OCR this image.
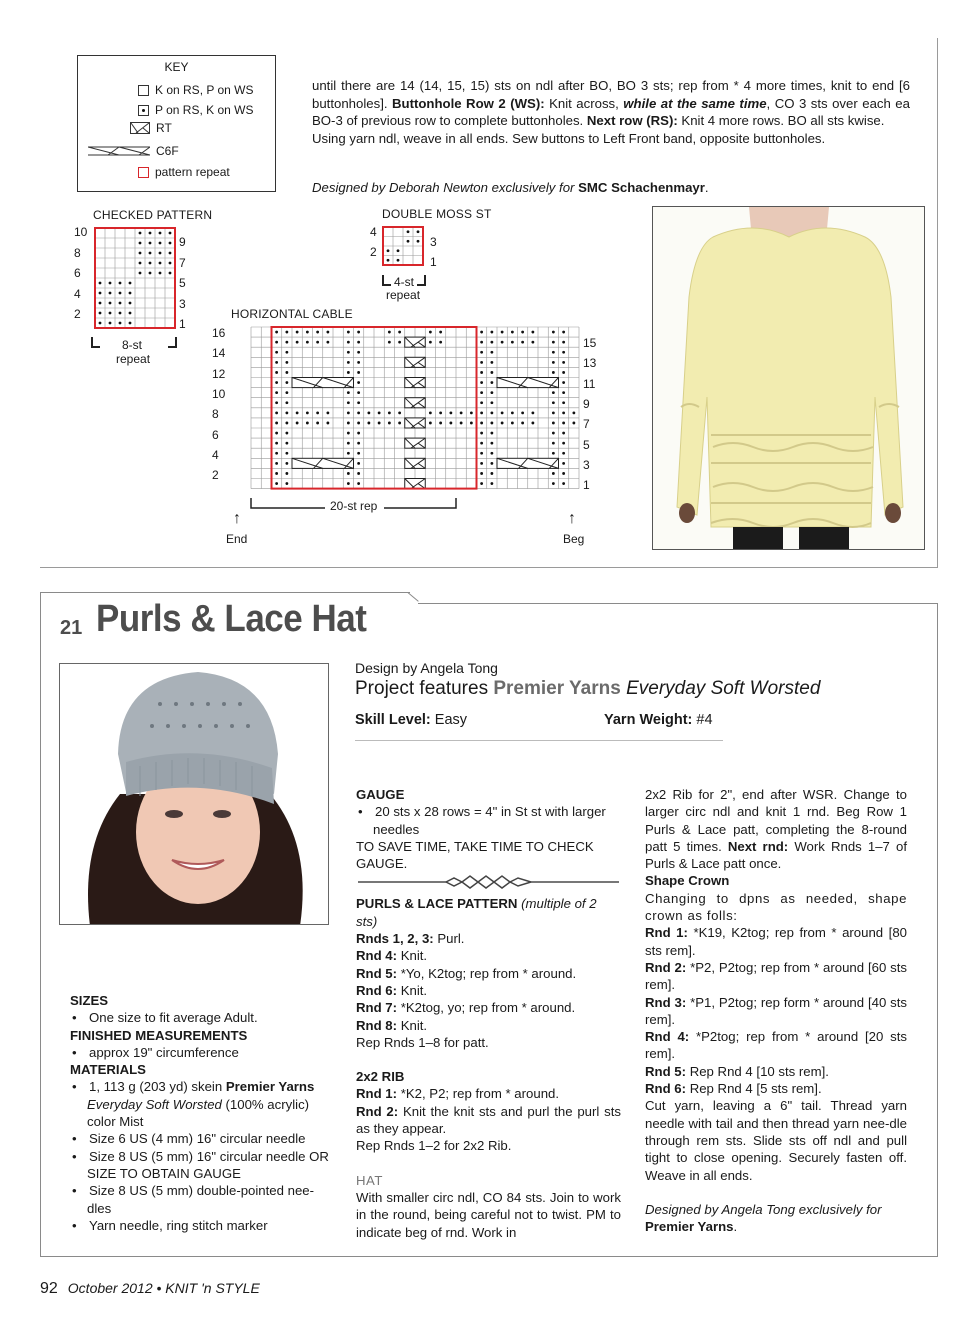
KEY
K on RS, P on WS
P on RS, K on WS
RT
C6F
pattern repeat
until there are 14 (14, 15, 15) sts on ndl after BO, BO 3 sts; rep from * 4 more times, knit to end [6 buttonholes]. Buttonhole Row 2 (WS): Knit across, while at the same time, CO 3 sts over each ea BO-3 of previous row to complete buttonholes. Next row (RS): Knit 4 more rows. BO all sts kwise.
Using yarn ndl, weave in all ends. Sew buttons to Left Front band, opposite buttonholes.
Designed by Deborah Newton exclusively for SMC Schachenmayr.
CHECKED PATTERN
8-st
repeat
DOUBLE MOSS ST
4-st
repeat
HORIZONTAL CABLE
20-st rep
↑
End
↑
Beg
21 Purls & Lace Hat
Design by Angela Tong
Project features Premier Yarns Everyday Soft Worsted
Skill Level: Easy	Yarn Weight: #4
SIZES
• One size to fit average Adult.
FINISHED MEASUREMENTS
• approx 19" circumference
MATERIALS
• 1, 113 g (203 yd) skein Premier Yarns
Everyday Soft Worsted (100% acrylic) color Mist
• Size 6 US (4 mm) 16" circular needle
• Size 8 US (5 mm) 16" circular needle OR SIZE TO OBTAIN GAUGE
• Size 8 US (5 mm) double-pointed nee-dles
• Yarn needle, ring stitch marker
GAUGE
• 20 sts x 28 rows = 4" in St st with larger needles
TO SAVE TIME, TAKE TIME TO CHECK GAUGE.
PURLS & LACE PATTERN (multiple of 2 sts)
Rnds 1, 2, 3: Purl.
Rnd 4: Knit.
Rnd 5: *Yo, K2tog; rep from * around.
Rnd 6: Knit.
Rnd 7: *K2tog, yo; rep from * around.
Rnd 8: Knit.
Rep Rnds 1–8 for patt.
2x2 RIB
Rnd 1: *K2, P2; rep from * around.
Rnd 2: Knit the knit sts and purl the purl sts as they appear.
Rep Rnds 1–2 for 2x2 Rib.
HAT
With smaller circ ndl, CO 84 sts. Join to work in the round, being careful not to twist. PM to indicate beg of rnd. Work in
2x2 Rib for 2", end after WSR. Change to larger circ ndl and knit 1 rnd. Beg Row 1 Purls & Lace patt, completing the 8-round patt 5 times. Next rnd: Work Rnds 1–7 of Purls & Lace patt once.
Shape Crown
Changing to dpns as needed, shape crown as folls:
Rnd 1: *K19, K2tog; rep from * around [80 sts rem].
Rnd 2: *P2, P2tog; rep from * around [60 sts rem].
Rnd 3: *P1, P2tog; rep form * around [40 sts rem].
Rnd 4: *P2tog; rep from * around [20 sts rem].
Rnd 5: Rep Rnd 4 [10 sts rem].
Rnd 6: Rep Rnd 4 [5 sts rem].
Cut yarn, leaving a 6" tail. Thread yarn needle with tail and then thread yarn nee-dle through rem sts. Slide sts off ndl and pull tight to close opening. Securely fasten off. Weave in all ends.
Designed by Angela Tong exclusively for
Premier Yarns.
92 October 2012 • KNIT 'n STYLE
10
8
6
4
2
9
7
5
3
1
4
2
3
1
16
14
12
10
8
6
4
2
15
13
11
9
7
5
3
1
